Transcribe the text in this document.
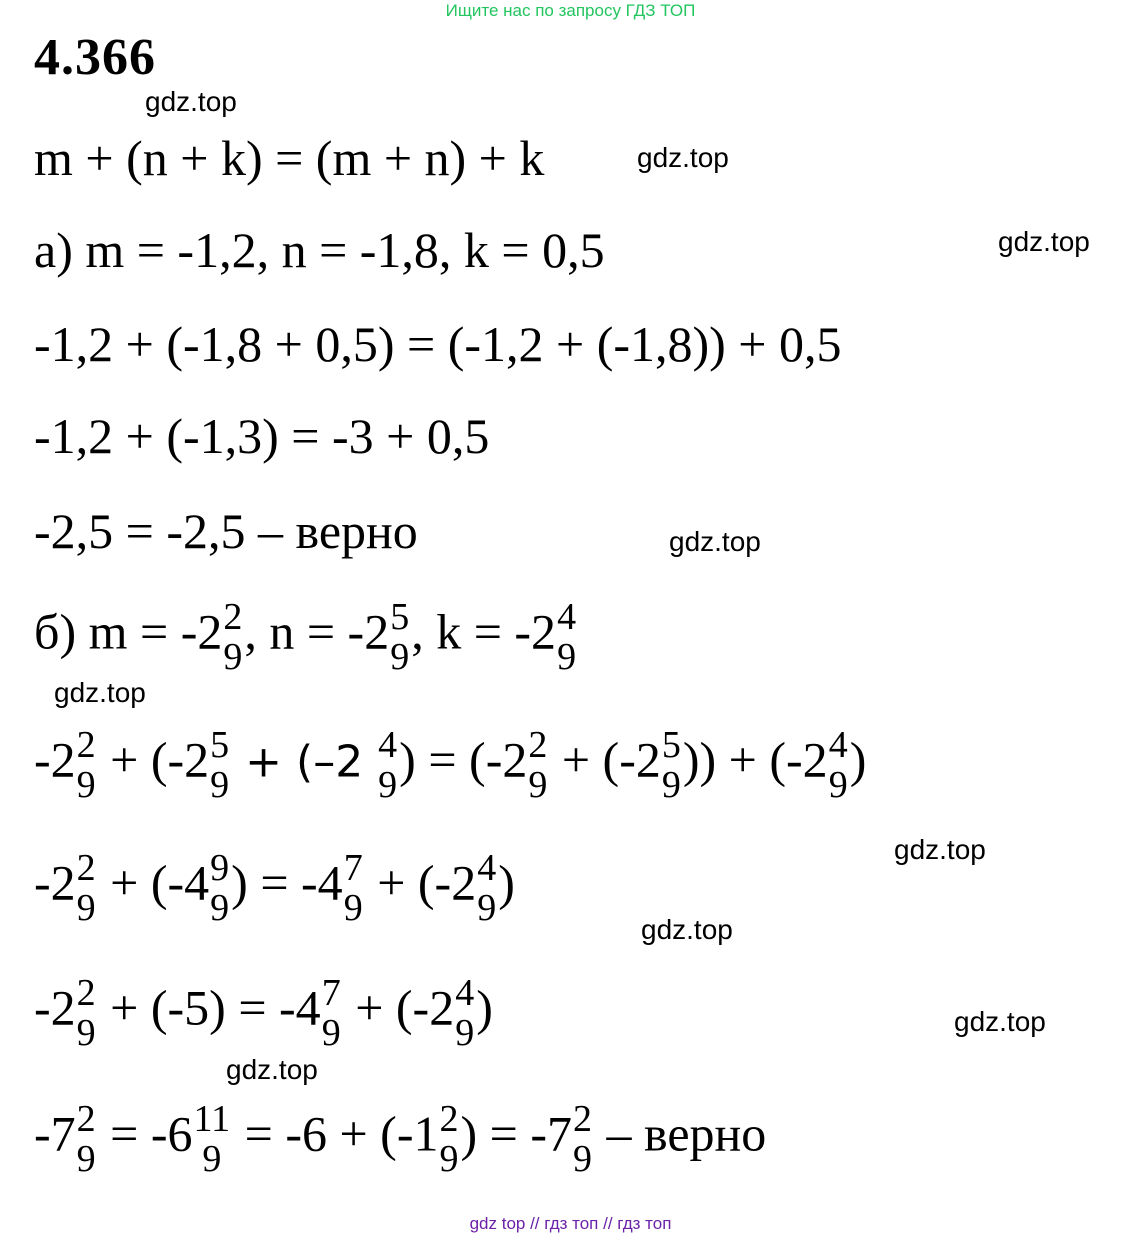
Ищите нас по запросу ГДЗ ТОП
4.366
gdz.top
gdz.top
gdz.top
gdz.top
gdz.top
gdz.top
gdz.top
gdz.top
gdz.top
m + (n + k) = (m + n) + k
а) m = -1,2, n = -1,8, k = 0,5
-1,2 + (-1,8 + 0,5) = (-1,2 + (-1,8)) + 0,5
-1,2 + (-1,3) = -3 + 0,5
-2,5 = -2,5 – верно
б) m = -2 2
9 , n = -2 5
9 , k = -2 4
9
-2 2
9 + (-2 5
9 + (–2 4
9 ) = (-2 2
9 + (-2 5
9 )) + (-2 4
9 )
-2 2
9 + (-4 9
9 ) = -4 7
9 + (-2 4
9 )
-2 2
9 + (-5) = -4 7
9 + (-2 4
9 )
-7 2
9 = -6 11
9 = -6 + (-1 2
9 ) = -7 2
9 – верно
gdz top // гдз топ // гдз топ
